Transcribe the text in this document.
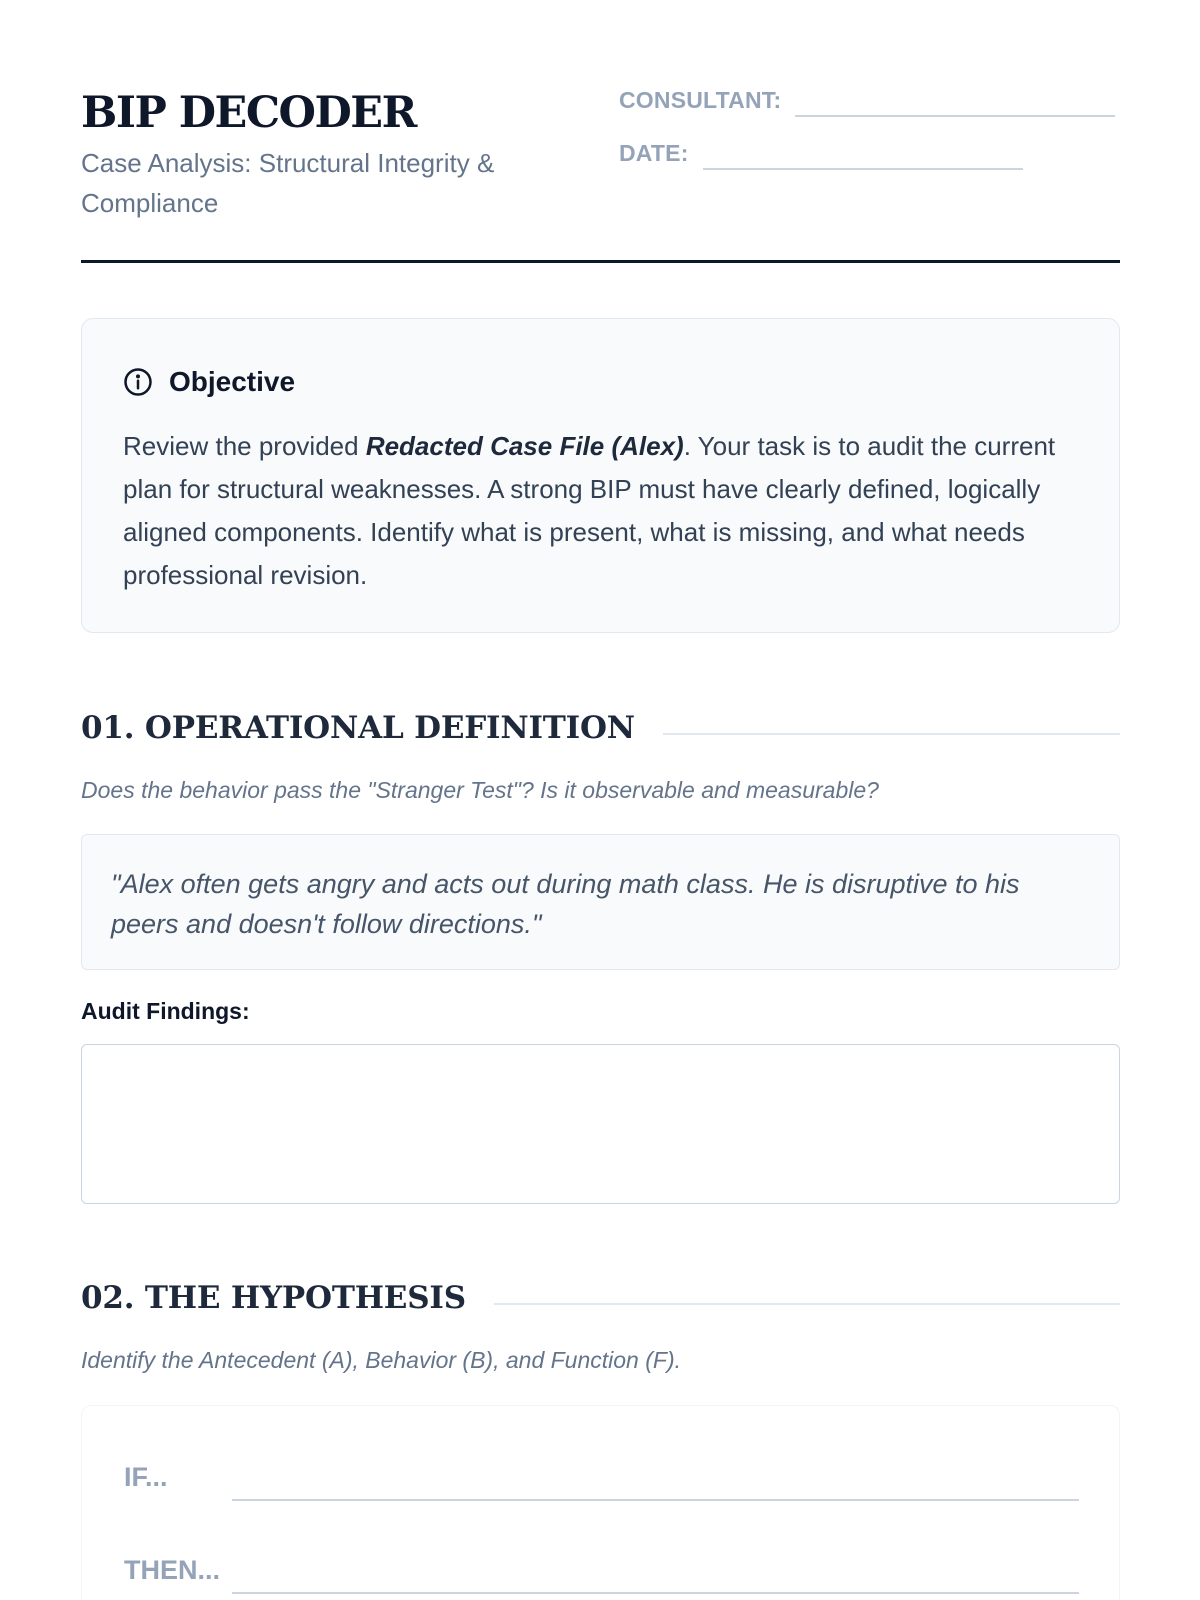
BIP DECODER
Case Analysis: Structural Integrity & Compliance
CONSULTANT:
DATE:
Objective

Review the provided Redacted Case File (Alex). Your task is to audit the current plan for structural weaknesses. A strong BIP must have clearly defined, logically aligned components. Identify what is present, what is missing, and what needs professional revision.

01. OPERATIONAL DEFINITION
Does the behavior pass the "Stranger Test"? Is it observable and measurable?
"Alex often gets angry and acts out during math class. He is disruptive to his peers and doesn't follow directions."
Audit Findings:
02. THE HYPOTHESIS
Identify the Antecedent (A), Behavior (B), and Function (F).
IF...
THEN...
